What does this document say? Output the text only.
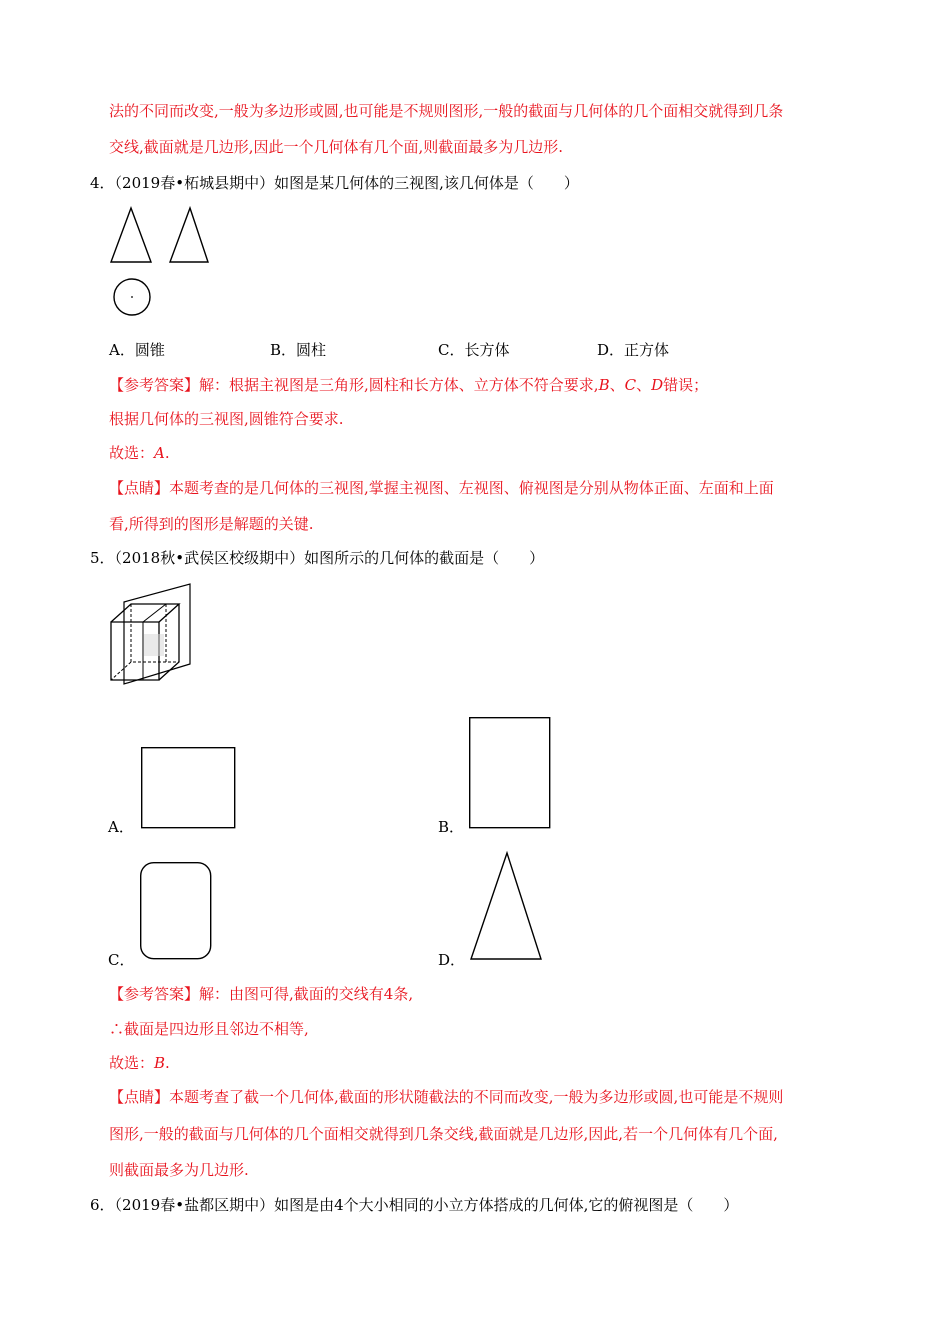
法的不同而改变,一般为多边形或圆,也可能是不规则图形,一般的截面与几何体的几个面相交就得到几条
交线,截面就是几边形,因此一个几何体有几个面,则截面最多为几边形.
4．（2019春•柘城县期中）如图是某几何体的三视图,该几何体是（　　）
A．圆锥	B．圆柱	C．长方体	D．正方体
【参考答案】解：根据主视图是三角形,圆柱和长方体、立方体不符合要求,B、C、D错误；
根据几何体的三视图,圆锥符合要求.
故选：A.
【点睛】本题考查的是几何体的三视图,掌握主视图、左视图、俯视图是分别从物体正面、左面和上面
看,所得到的图形是解题的关键.
5．（2018秋•武侯区校级期中）如图所示的几何体的截面是（　　）
A．	B．
C．	D．
【参考答案】解：由图可得,截面的交线有4条,
∴截面是四边形且邻边不相等,
故选：B.
【点睛】本题考查了截一个几何体,截面的形状随截法的不同而改变,一般为多边形或圆,也可能是不规则
图形,一般的截面与几何体的几个面相交就得到几条交线,截面就是几边形,因此,若一个几何体有几个面,
则截面最多为几边形.
6．（2019春•盐都区期中）如图是由4个大小相同的小立方体搭成的几何体,它的俯视图是（　　）
